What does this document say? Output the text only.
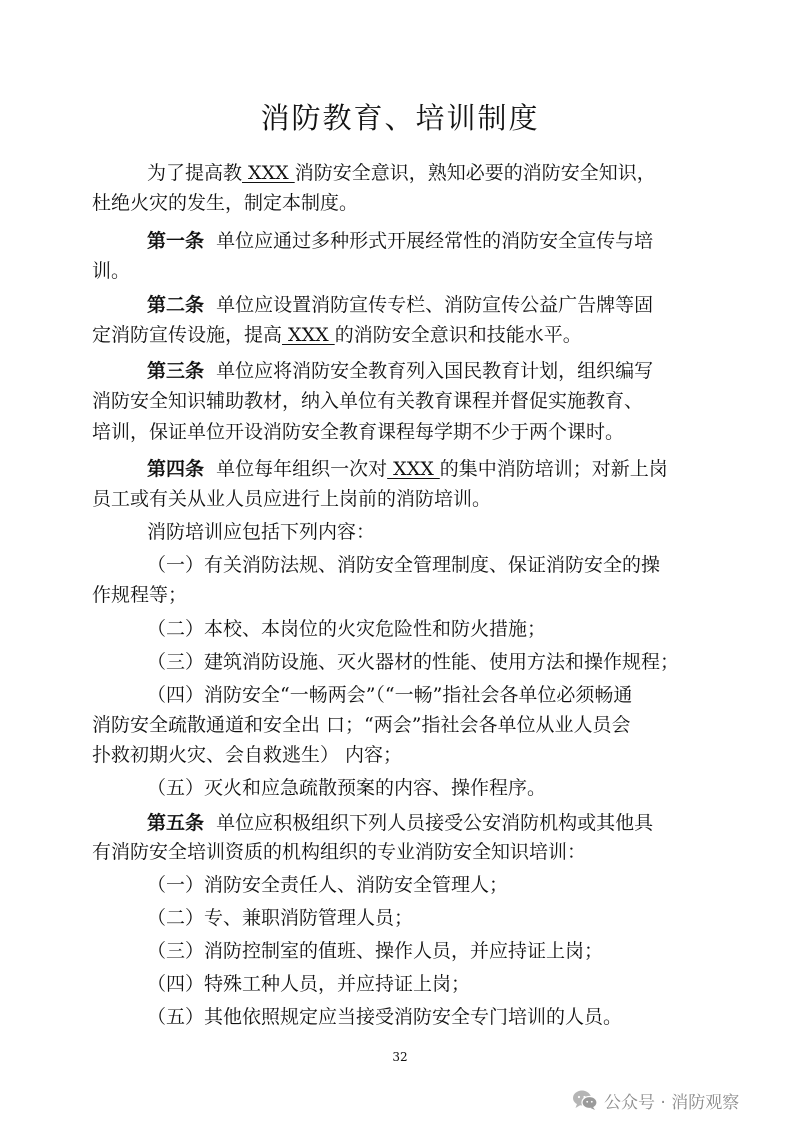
消防教育、培训制度
为了提高教 XXX 消防安全意识，熟知必要的消防安全知识，
杜绝火灾的发生，制定本制度。
第一条 单位应通过多种形式开展经常性的消防安全宣传与培
训。
第二条 单位应设置消防宣传专栏、消防宣传公益广告牌等固
定消防宣传设施，提高 XXX 的消防安全意识和技能水平。
第三条 单位应将消防安全教育列入国民教育计划，组织编写
消防安全知识辅助教材，纳入单位有关教育课程并督促实施教育、
培训，保证单位开设消防安全教育课程每学期不少于两个课时。
第四条 单位每年组织一次对 XXX 的集中消防培训；对新上岗
员工或有关从业人员应进行上岗前的消防培训。
消防培训应包括下列内容：
（一）有关消防法规、消防安全管理制度、保证消防安全的操
作规程等；
（二）本校、本岗位的火灾危险性和防火措施；
（三）建筑消防设施、灭火器材的性能、使用方法和操作规程；
（四）消防安全“一畅两会”（“一畅”指社会各单位必须畅通
消防安全疏散通道和安全出 口；“两会”指社会各单位从业人员会
扑救初期火灾、会自救逃生） 内容；
（五）灭火和应急疏散预案的内容、操作程序。
第五条 单位应积极组织下列人员接受公安消防机构或其他具
有消防安全培训资质的机构组织的专业消防安全知识培训：
（一）消防安全责任人、消防安全管理人；
（二）专、兼职消防管理人员；
（三）消防控制室的值班、操作人员，并应持证上岗；
（四）特殊工种人员，并应持证上岗；
（五）其他依照规定应当接受消防安全专门培训的人员。
32
公众号 · 消防观察
